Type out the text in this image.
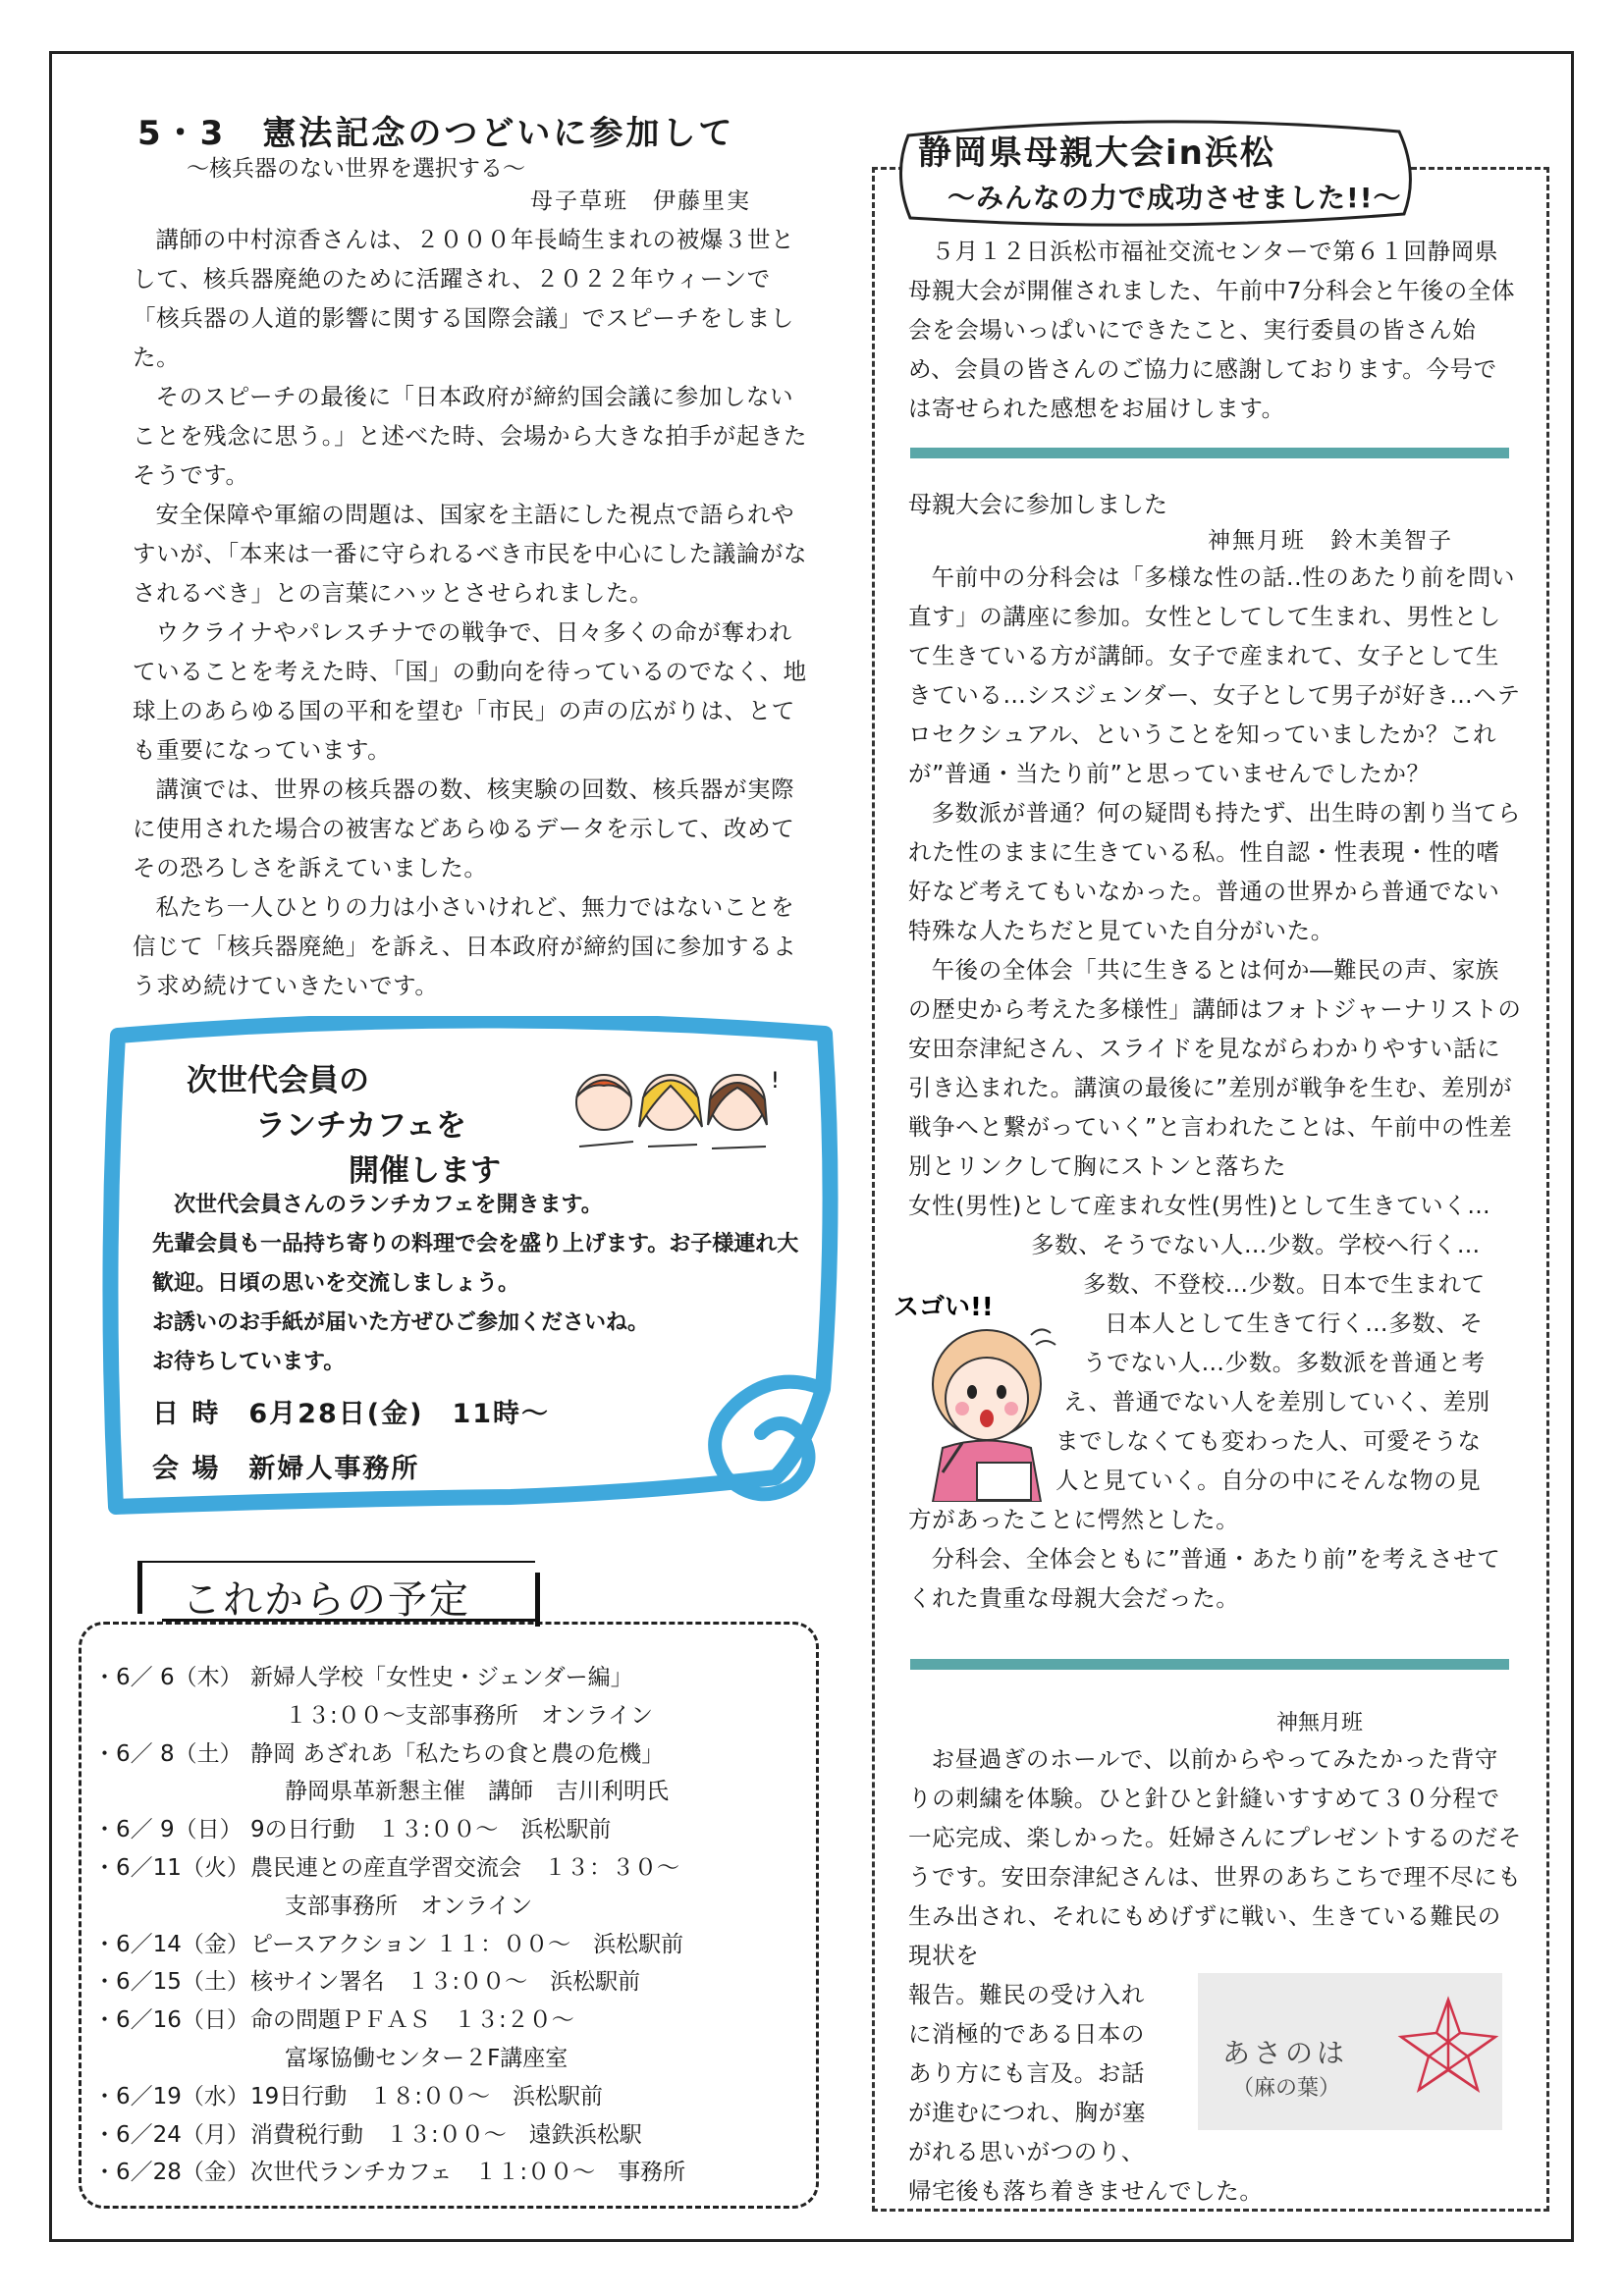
5・3　憲法記念のつどいに参加して
～核兵器のない世界を選択する～
母子草班　伊藤里実

講師の中村涼香さんは、２０００年長崎生まれの被爆３世として、核兵器廃絶のために活躍され、２０２２年ウィーンで「核兵器の人道的影響に関する国際会議」でスピーチをしました。

そのスピーチの最後に「日本政府が締約国会議に参加しないことを残念に思う。」と述べた時、会場から大きな拍手が起きたそうです。

安全保障や軍縮の問題は、国家を主語にした視点で語られやすいが、「本来は一番に守られるべき市民を中心にした議論がなされるべき」との言葉にハッとさせられました。

ウクライナやパレスチナでの戦争で、日々多くの命が奪われていることを考えた時、「国」の動向を待っているのでなく、地球上のあらゆる国の平和を望む「市民」の声の広がりは、とても重要になっています。

講演では、世界の核兵器の数、核実験の回数、核兵器が実際に使用された場合の被害などあらゆるデータを示して、改めてその恐ろしさを訴えていました。

私たち一人ひとりの力は小さいけれど、無力ではないことを信じて「核兵器廃絶」を訴え、日本政府が締約国に参加するよう求め続けていきたいです。

次世代会員の
ランチカフェを
開催します
!

次世代会員さんのランチカフェを開きます。

先輩会員も一品持ち寄りの料理で会を盛り上げます。お子様連れ大歓迎。日頃の思いを交流しましょう。

お誘いのお手紙が届いた方ぜひご参加くださいね。

お待ちしています。

日 時　6月28日(金)　11時～
会 場　新婦人事務所
これからの予定
・6／ 6（木） 新婦人学校「女性史・ジェンダー編」
１３:００～支部事務所　オンライン
・6／ 8（土） 静岡 あざれあ「私たちの食と農の危機」
静岡県革新懇主催　講師　吉川利明氏
・6／ 9（日） 9の日行動　１３:００～　浜松駅前
・6／11（火）農民連との産直学習交流会　１３：３０～
支部事務所　オンライン
・6／14（金）ピースアクション １１：００～　浜松駅前
・6／15（土）核サイン署名　１３:００～　浜松駅前
・6／16（日）命の問題ＰＦＡＳ　１３:２０～
富塚協働センター２F講座室
・6／19（水）19日行動　１８:００～　浜松駅前
・6／24（月）消費税行動　１３:００～　遠鉄浜松駅
・6／28（金）次世代ランチカフェ　１１:００～　事務所
静岡県母親大会in浜松
～みんなの力で成功させました!!～

５月１２日浜松市福祉交流センターで第６１回静岡県母親大会が開催されました、午前中7分科会と午後の全体会を会場いっぱいにできたこと、実行委員の皆さん始め、会員の皆さんのご協力に感謝しております。今号では寄せられた感想をお届けします。

母親大会に参加しました
神無月班　鈴木美智子

午前中の分科会は「多様な性の話..性のあたり前を問い直す」の講座に参加。女性としてして生まれ、男性として生きている方が講師。女子で産まれて、女子として生きている…シスジェンダー、女子として男子が好き…ヘテロセクシュアル、ということを知っていましたか？これが”普通・当たり前”と思っていませんでしたか？

多数派が普通？何の疑問も持たず、出生時の割り当てられた性のままに生きている私。性自認・性表現・性的嗜好など考えてもいなかった。普通の世界から普通でない特殊な人たちだと見ていた自分がいた。

午後の全体会「共に生きるとは何か―難民の声、家族の歴史から考えた多様性」講師はフォトジャーナリストの安田奈津紀さん、スライドを見ながらわかりやすい話に引き込まれた。講演の最後に”差別が戦争を生む、差別が戦争へと繋がっていく”と言われたことは、午前中の性差別とリンクして胸にストンと落ちた

女性(男性)として産まれ女性(男性)として生きていく…

多数、そうでない人…少数。学校へ行く…

多数、不登校…少数。日本で生まれて

日本人として生きて行く…多数、そ

うでない人…少数。多数派を普通と考

え、普通でない人を差別していく、差別

までしなくても変わった人、可愛そうな

人と見ていく。自分の中にそんな物の見

方があったことに愕然とした。

分科会、全体会ともに”普通・あたり前”を考えさせてくれた貴重な母親大会だった。

スゴい!!
神無月班

お昼過ぎのホールで、以前からやってみたかった背守りの刺繍を体験。ひと針ひと針縫いすすめて３０分程で一応完成、楽しかった。妊婦さんにプレゼントするのだそうです。安田奈津紀さんは、世界のあちこちで理不尽にも生み出され、それにもめげずに戦い、生きている難民の現状を

報告。難民の受け入れ

に消極的である日本の

あり方にも言及。お話

が進むにつれ、胸が塞

がれる思いがつのり、

帰宅後も落ち着きませんでした。

あさのは
（麻の葉）
